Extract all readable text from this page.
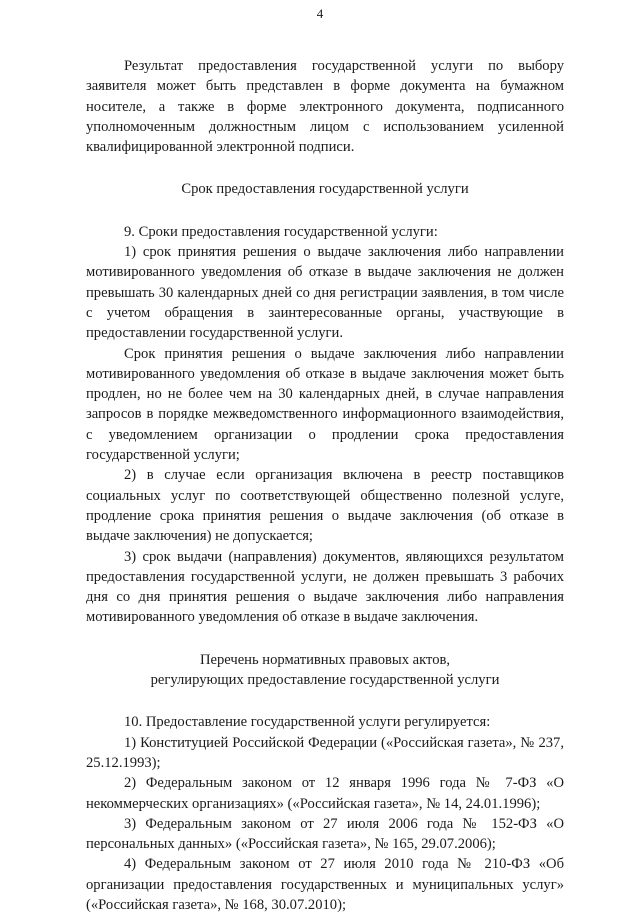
4

Результат предоставления государственной услуги по выбору заявителя может быть представлен в форме документа на бумажном носителе, а также в форме электронного документа, подписанного уполномоченным должностным лицом с использованием усиленной квалифицированной электронной подписи.

Срок предоставления государственной услуги

9. Сроки предоставления государственной услуги:

1) срок принятия решения о выдаче заключения либо направлении мотивированного уведомления об отказе в выдаче заключения не должен превышать 30 календарных дней со дня регистрации заявления, в том числе с учетом обращения в заинтересованные органы, участвующие в предоставлении государственной услуги.

Срок принятия решения о выдаче заключения либо направлении мотивированного уведомления об отказе в выдаче заключения может быть продлен, но не более чем на 30 календарных дней, в случае направления запросов в порядке межведомственного информационного взаимодействия, с уведомлением организации о продлении срока предоставления государственной услуги;

2) в случае если организация включена в реестр поставщиков социальных услуг по соответствующей общественно полезной услуге, продление срока принятия решения о выдаче заключения (об отказе в выдаче заключения) не допускается;

3) срок выдачи (направления) документов, являющихся результатом предоставления государственной услуги, не должен превышать 3 рабочих дня со дня принятия решения о выдаче заключения либо направления мотивированного уведомления об отказе в выдаче заключения.

Перечень нормативных правовых актов,
регулирующих предоставление государственной услуги

10. Предоставление государственной услуги регулируется:

1) Конституцией Российской Федерации («Российская газета», № 237, 25.12.1993);

2) Федеральным законом от 12 января 1996 года № 7-ФЗ «О некоммерческих организациях» («Российская газета», № 14, 24.01.1996);

3) Федеральным законом от 27 июля 2006 года № 152-ФЗ «О персональных данных» («Российская газета», № 165, 29.07.2006);

4) Федеральным законом от 27 июля 2010 года № 210-ФЗ «Об организации предоставления государственных и муниципальных услуг» («Российская газета», № 168, 30.07.2010);
